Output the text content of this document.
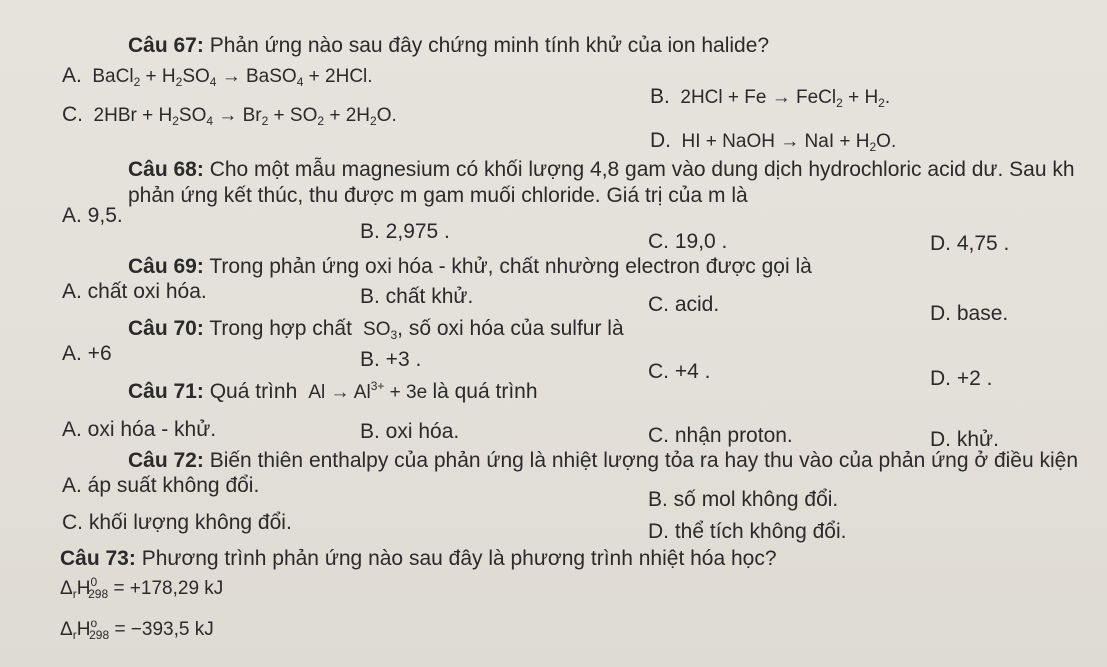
Câu 67: Phản ứng nào sau đây chứng minh tính khử của ion halide?
A.  BaCl$_2$ + $H_2SO_4$ → BaSO$_4$ + 2HCl.
B.  2HCl + Fe → FeCl$_2$ + $H_2$.
C.  $2HBr + H_2SO_4 \to Br_2 + SO_2 + 2H_2O$.
D.  HI + NaOH → NaI + $H_2O$.
Câu 68: Cho một mẫu magnesium có khối lượng 4,8 gam vào dung dịch hydrochloric acid dư. Sau kh
phản ứng kết thúc, thu được m gam muối chloride. Giá trị của m là
A. 9,5.
B. 2,975 .	C. 19,0 .	D. 4,75 .
Câu 69: Trong phản ứng oxi hóa - khử, chất nhường electron được gọi là
A. chất oxi hóa.	B. chất khử.	C. acid.	D. base.
Câu 70: Trong hợp chất  $SO_3$, số oxi hóa của sulfur là
A. +6	B. +3 .
C. +4 .	D. +2 .
Câu 71: Quá trình  $Al \to Al^{3+} + 3e$ là quá trình
A. oxi hóa - khử.	B. oxi hóa.	C. nhận proton.	D. khử.
Câu 72: Biến thiên enthalpy của phản ứng là nhiệt lượng tỏa ra hay thu vào của phản ứng ở điều kiện
A. áp suất không đổi.
B. số mol không đổi.
C. khối lượng không đổi.	D. thể tích không đổi.
Câu 73: Phương trình phản ứng nào sau đây là phương trình nhiệt hóa học?
$\Delta_rH^0_{298} = +178,29$ kJ
$\Delta_rH^o_{298} = -393,5$ kJ
